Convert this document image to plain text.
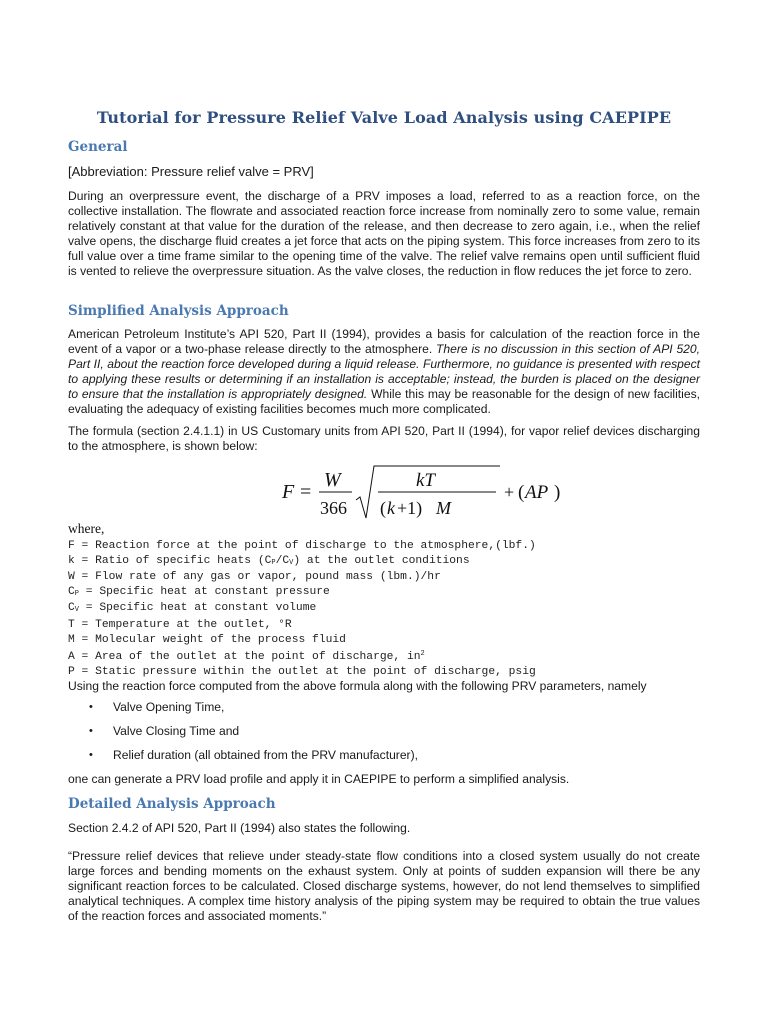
Tutorial for Pressure Relief Valve Load Analysis using CAEPIPE
General

[Abbreviation: Pressure relief valve = PRV]

During an overpressure event, the discharge of a PRV imposes a load, referred to as a reaction force, on the collective installation. The flowrate and associated reaction force increase from nominally zero to some value, remain relatively constant at that value for the duration of the release, and then decrease to zero again, i.e., when the relief valve opens, the discharge fluid creates a jet force that acts on the piping system. This force increases from zero to its full value over a time frame similar to the opening time of the valve. The relief valve remains open until sufficient fluid is vented to relieve the overpressure situation. As the valve closes, the reduction in flow reduces the jet force to zero.

Simplified Analysis Approach

American Petroleum Institute’s API 520, Part II (1994), provides a basis for calculation of the reaction force in the event of a vapor or a two-phase release directly to the atmosphere. There is no discussion in this section of API 520, Part II, about the reaction force developed during a liquid release. Furthermore, no guidance is presented with respect to applying these results or determining if an installation is acceptable; instead, the burden is placed on the designer to ensure that the installation is appropriately designed. While this may be reasonable for the design of new facilities, evaluating the adequacy of existing facilities becomes much more complicated.

The formula (section 2.4.1.1) in US Customary units from API 520, Part II (1994), for vapor relief devices discharging to the atmosphere, is shown below:

F =
W
366
kT
( k +1) M
+ ( AP )

where,

F = Reaction force at the point of discharge to the atmosphere,(lbf.)
k = Ratio of specific heats (CP/CV) at the outlet conditions
W = Flow rate of any gas or vapor, pound mass (lbm.)/hr
CP = Specific heat at constant pressure
CV = Specific heat at constant volume
T = Temperature at the outlet, °R
M = Molecular weight of the process fluid
A = Area of the outlet at the point of discharge, $in^2$
P = Static pressure within the outlet at the point of discharge, psig

Using the reaction force computed from the above formula along with the following PRV parameters, namely

• Valve Opening Time,
• Valve Closing Time and
• Relief duration (all obtained from the PRV manufacturer),

one can generate a PRV load profile and apply it in CAEPIPE to perform a simplified analysis.

Detailed Analysis Approach

Section 2.4.2 of API 520, Part II (1994) also states the following.

“Pressure relief devices that relieve under steady-state flow conditions into a closed system usually do not create large forces and bending moments on the exhaust system. Only at points of sudden expansion will there be any significant reaction forces to be calculated. Closed discharge systems, however, do not lend themselves to simplified analytical techniques. A complex time history analysis of the piping system may be required to obtain the true values of the reaction forces and associated moments.”
